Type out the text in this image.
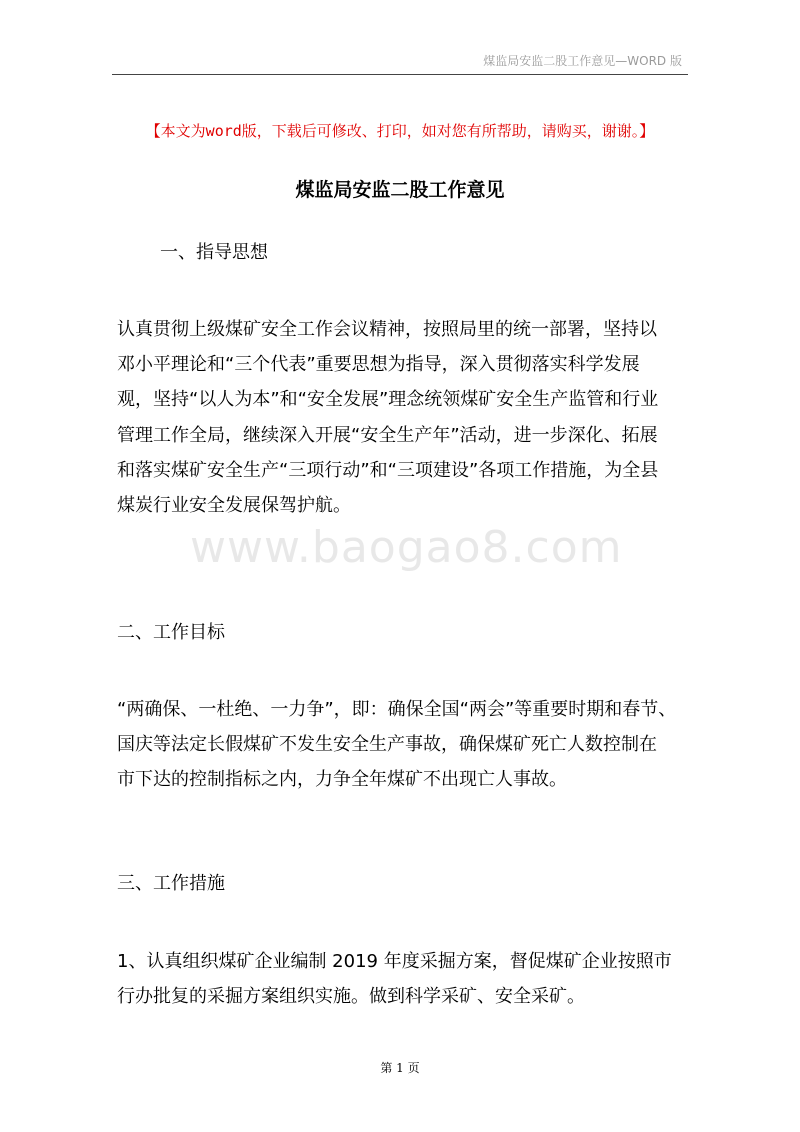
煤监局安监二股工作意见—WORD 版
【本文为word版，下载后可修改、打印，如对您有所帮助，请购买，谢谢。】
煤监局安监二股工作意见
一、指导思想
认真贯彻上级煤矿安全工作会议精神，按照局里的统一部署，坚持以
邓小平理论和“三个代表”重要思想为指导，深入贯彻落实科学发展
观，坚持“以人为本”和“安全发展”理念统领煤矿安全生产监管和行业
管理工作全局，继续深入开展“安全生产年”活动，进一步深化、拓展
和落实煤矿安全生产“三项行动”和“三项建设”各项工作措施，为全县
煤炭行业安全发展保驾护航。
www.baogao8.com
二、工作目标
“两确保、一杜绝、一力争”，即：确保全国“两会”等重要时期和春节、
国庆等法定长假煤矿不发生安全生产事故，确保煤矿死亡人数控制在
市下达的控制指标之内，力争全年煤矿不出现亡人事故。
三、工作措施
1、认真组织煤矿企业编制 2019 年度采掘方案，督促煤矿企业按照市
行办批复的采掘方案组织实施。做到科学采矿、安全采矿。
第 1 页
